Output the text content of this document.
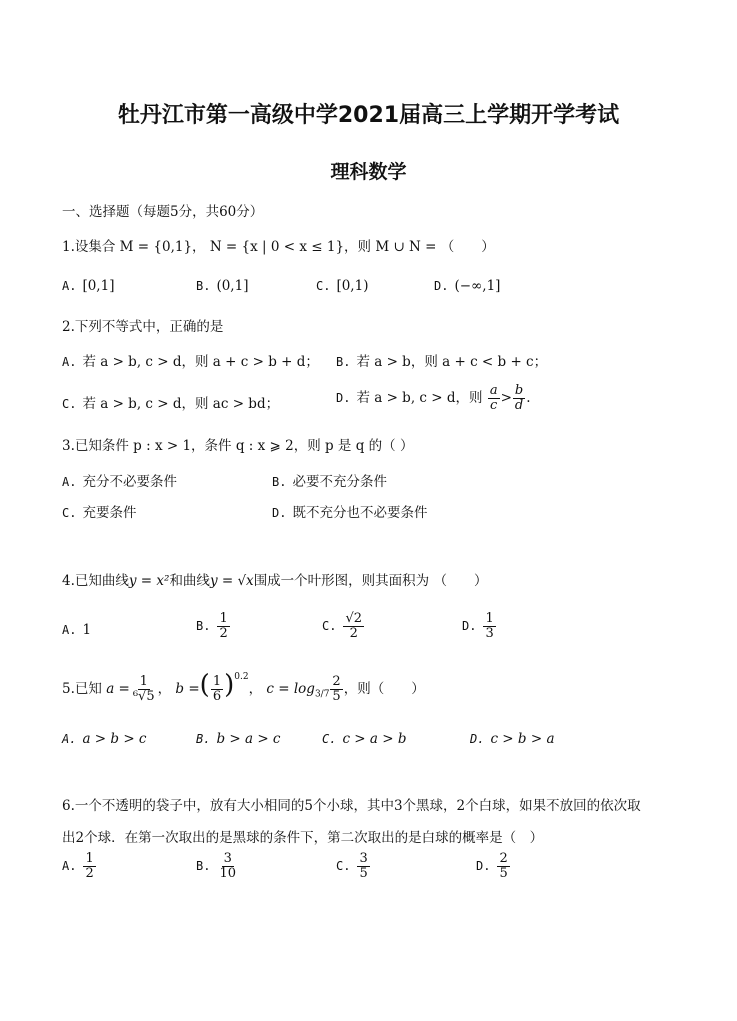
牡丹江市第一高级中学2021届高三上学期开学考试
理科数学
一、选择题（每题5分，共60分）
1.设集合 M = {0,1}， N = {x | 0 < x ≤ 1}，则 M ∪ N = （　　）
A. [0,1]	B. (0,1]	C. [0,1)	D. (−∞,1]
2.下列不等式中，正确的是
A. 若 a > b, c > d，则 a + c > b + d； B. 若 a > b，则 a + c < b + c；
C. 若 a > b, c > d，则 ac > bd；	D. 若 a > b, c > d，则 $\frac{a}{c} > \frac{b}{d}$ .
3.已知条件 p : x > 1，条件 q : x ⩾ 2，则 p 是 q 的（ ）
A. 充分不必要条件	B. 必要不充分条件
C. 充要条件	D. 既不充分也不必要条件
4.已知曲线y = x²和曲线y = √x围成一个叶形图，则其面积为 （　　）
A. 1	B. $\frac{1}{2}$	C. $\frac{√2}{2}$	D. $\frac{1}{3}$
5.已知 $a = \frac{1}{\text{⁶√5}}$ ， b =( $\frac{1}{6} )^{0.2}$， $c = \log_{3/7} \frac{2}{5}$ ，则（　　）
A. a > b > c	B. b > a > c	C. c > a > b	D. c > b > a
6.一个不透明的袋子中，放有大小相同的5个小球，其中3个黑球，2个白球，如果不放回的依次取
出2个球．在第一次取出的是黑球的条件下，第二次取出的是白球的概率是（　）
A. $\frac{1}{2}$	B. $\frac{3}{10}$	C. $\frac{3}{5}$	D. $\frac{2}{5}$
